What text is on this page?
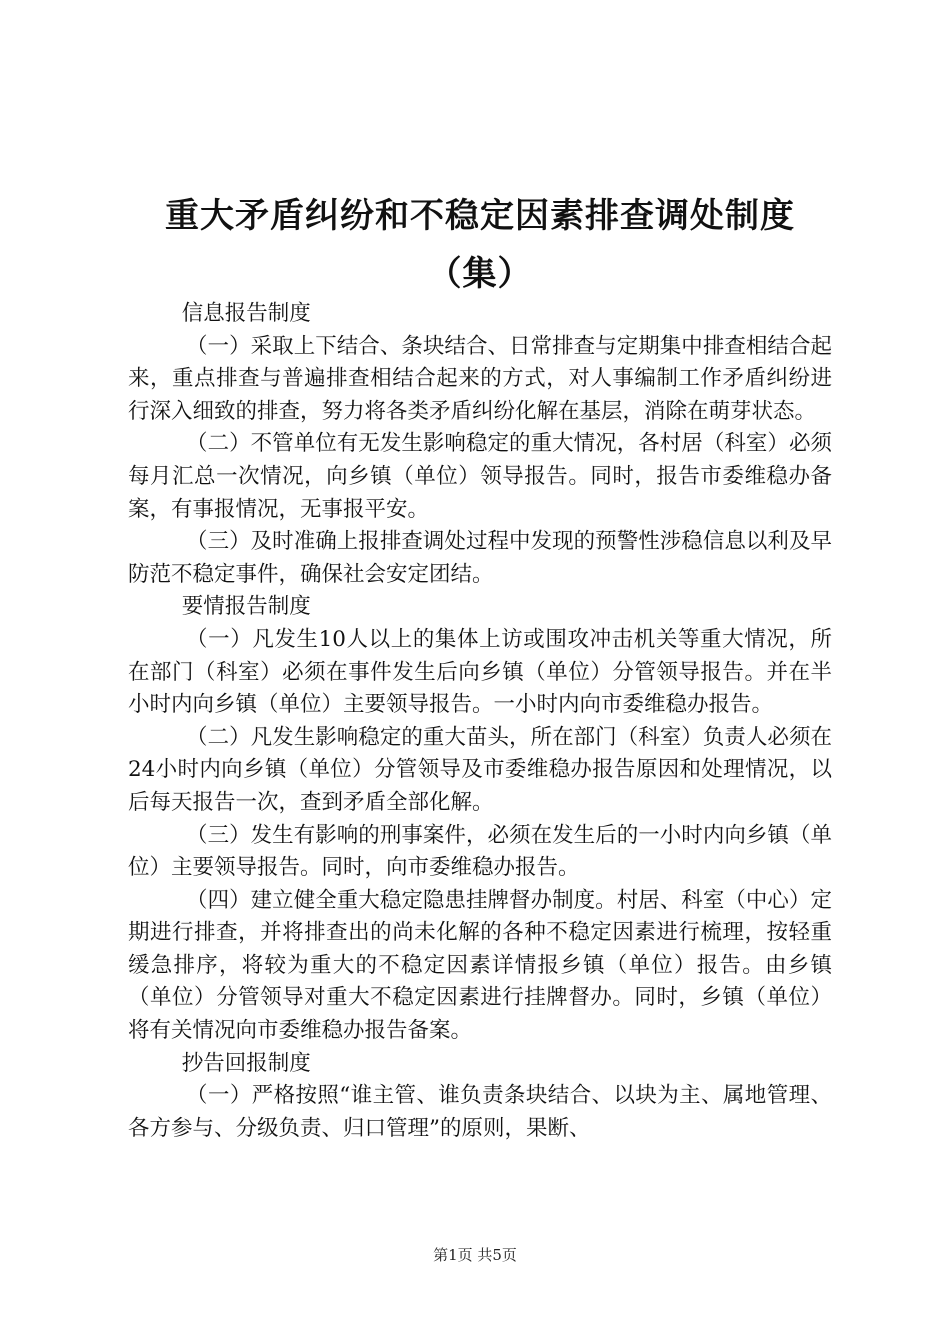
重大矛盾纠纷和不稳定因素排查调处制度
（集）

信息报告制度

（一）采取上下结合、条块结合、日常排查与定期集中排查相结合起来，重点排查与普遍排查相结合起来的方式，对人事编制工作矛盾纠纷进行深入细致的排查，努力将各类矛盾纠纷化解在基层，消除在萌芽状态。

（二）不管单位有无发生影响稳定的重大情况，各村居（科室）必须每月汇总一次情况，向乡镇（单位）领导报告。同时，报告市委维稳办备案，有事报情况，无事报平安。

（三）及时准确上报排查调处过程中发现的预警性涉稳信息以利及早防范不稳定事件，确保社会安定团结。

要情报告制度

（一）凡发生10人以上的集体上访或围攻冲击机关等重大情况，所在部门（科室）必须在事件发生后向乡镇（单位）分管领导报告。并在半小时内向乡镇（单位）主要领导报告。一小时内向市委维稳办报告。

（二）凡发生影响稳定的重大苗头，所在部门（科室）负责人必须在24小时内向乡镇（单位）分管领导及市委维稳办报告原因和处理情况，以后每天报告一次，查到矛盾全部化解。

（三）发生有影响的刑事案件，必须在发生后的一小时内向乡镇（单位）主要领导报告。同时，向市委维稳办报告。

（四）建立健全重大稳定隐患挂牌督办制度。村居、科室（中心）定期进行排查，并将排查出的尚未化解的各种不稳定因素进行梳理，按轻重缓急排序，将较为重大的不稳定因素详情报乡镇（单位）报告。由乡镇（单位）分管领导对重大不稳定因素进行挂牌督办。同时，乡镇（单位）将有关情况向市委维稳办报告备案。

抄告回报制度

（一）严格按照“谁主管、谁负责条块结合、以块为主、属地管理、各方参与、分级负责、归口管理”的原则，果断、

第1页 共5页
